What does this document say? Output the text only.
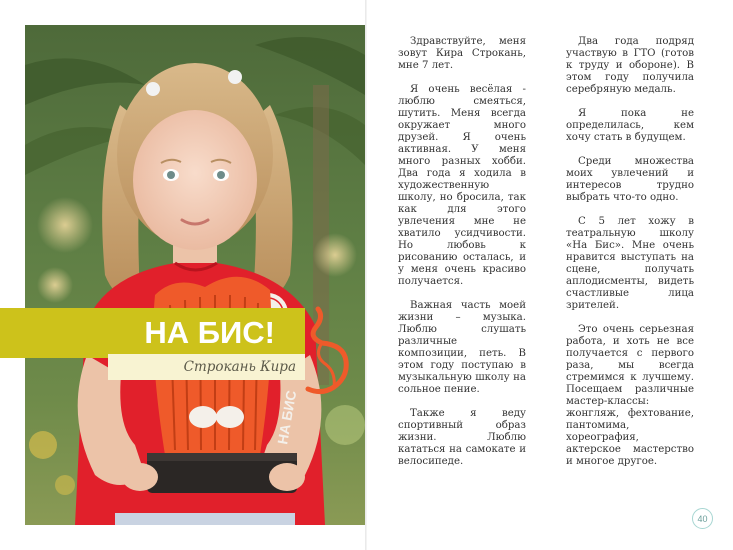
НА БИС
НА БИС!
Строкань Кира

Здравствуйте, меня зовут Кира Строкань, мне 7 лет.

Я очень весёлая - люблю смеяться, шутить. Меня всегда окружает много друзей. Я очень активная. У меня много разных хобби. Два года я ходила в художественную школу, но бросила, так как для этого увлечения мне не хватило усидчивости. Но любовь к рисованию осталась, и у меня очень красиво получается.

Важная часть моей жизни – музыка. Люблю слушать различные композиции, петь. В этом году поступаю в музыкальную школу на сольное пение.

Также я веду спортивный образ жизни. Люблю кататься на самокате и велосипеде.

Два года подряд участвую в ГТО (готов к труду и обороне). В этом году получила серебряную медаль.

Я пока не определилась, кем хочу стать в будущем.

Среди множества моих увлечений и интересов трудно выбрать что-то одно.

С 5 лет хожу в театральную школу «На Бис». Мне очень нравится выступать на сцене, получать аплодисменты, видеть счастливые лица зрителей.

Это очень серьезная работа, и хоть не все получается с первого раза, мы всегда стремимся к лучшему. Посещаем различные мастер-классы: жонгляж, фехтование, пантомима, хореография, актерское мастерство и многое другое.

40
